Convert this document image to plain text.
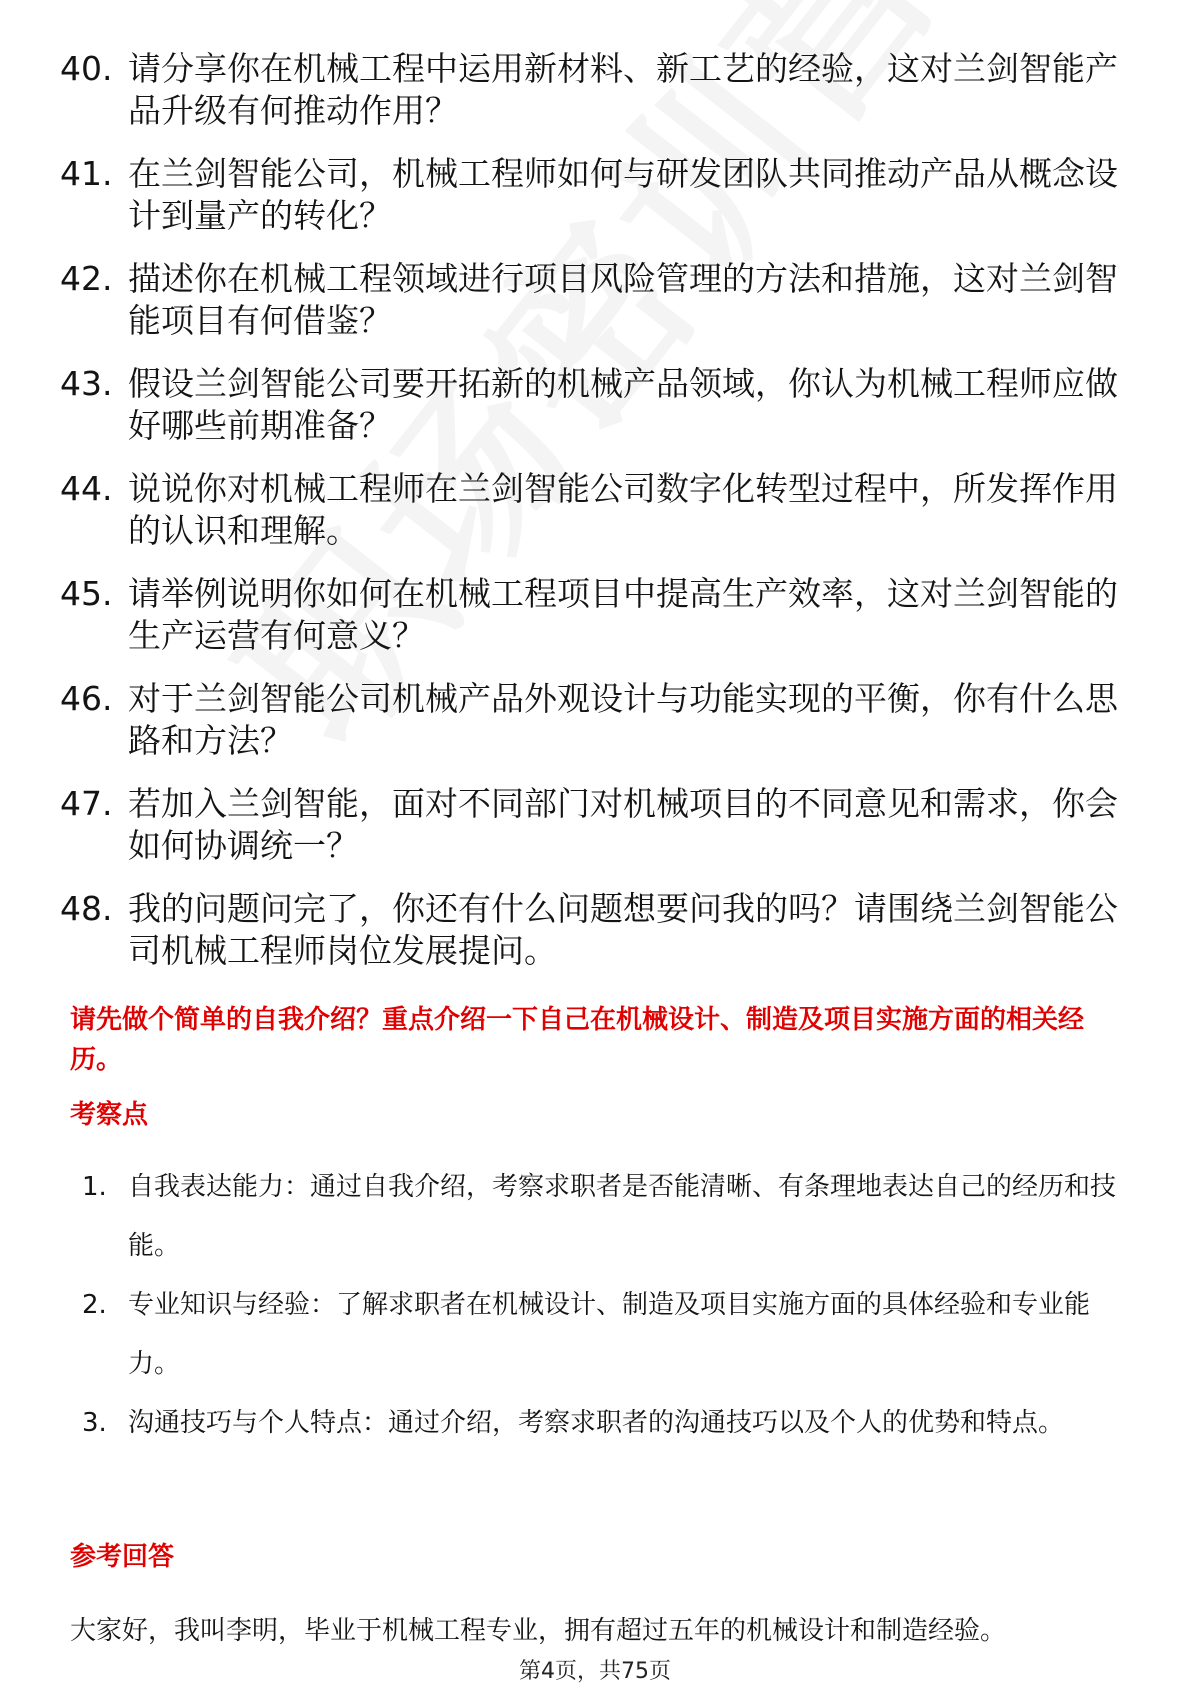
40. 请分享你在机械工程中运用新材料、新工艺的经验，这对兰剑智能产品升级有何推动作用？
41. 在兰剑智能公司，机械工程师如何与研发团队共同推动产品从概念设计到量产的转化？
42. 描述你在机械工程领域进行项目风险管理的方法和措施，这对兰剑智能项目有何借鉴？
43. 假设兰剑智能公司要开拓新的机械产品领域，你认为机械工程师应做好哪些前期准备？
44. 说说你对机械工程师在兰剑智能公司数字化转型过程中，所发挥作用的认识和理解。
45. 请举例说明你如何在机械工程项目中提高生产效率，这对兰剑智能的生产运营有何意义？
46. 对于兰剑智能公司机械产品外观设计与功能实现的平衡，你有什么思路和方法？
47. 若加入兰剑智能，面对不同部门对机械项目的不同意见和需求，你会如何协调统一？
48. 我的问题问完了，你还有什么问题想要问我的吗？请围绕兰剑智能公司机械工程师岗位发展提问。
请先做个简单的自我介绍？重点介绍一下自己在机械设计、制造及项目实施方面的相关经历。
考察点
1. 自我表达能力：通过自我介绍，考察求职者是否能清晰、有条理地表达自己的经历和技能。
2. 专业知识与经验：了解求职者在机械设计、制造及项目实施方面的具体经验和专业能力。
3. 沟通技巧与个人特点：通过介绍，考察求职者的沟通技巧以及个人的优势和特点。
参考回答
大家好，我叫李明，毕业于机械工程专业，拥有超过五年的机械设计和制造经验。
第4页，共75页
